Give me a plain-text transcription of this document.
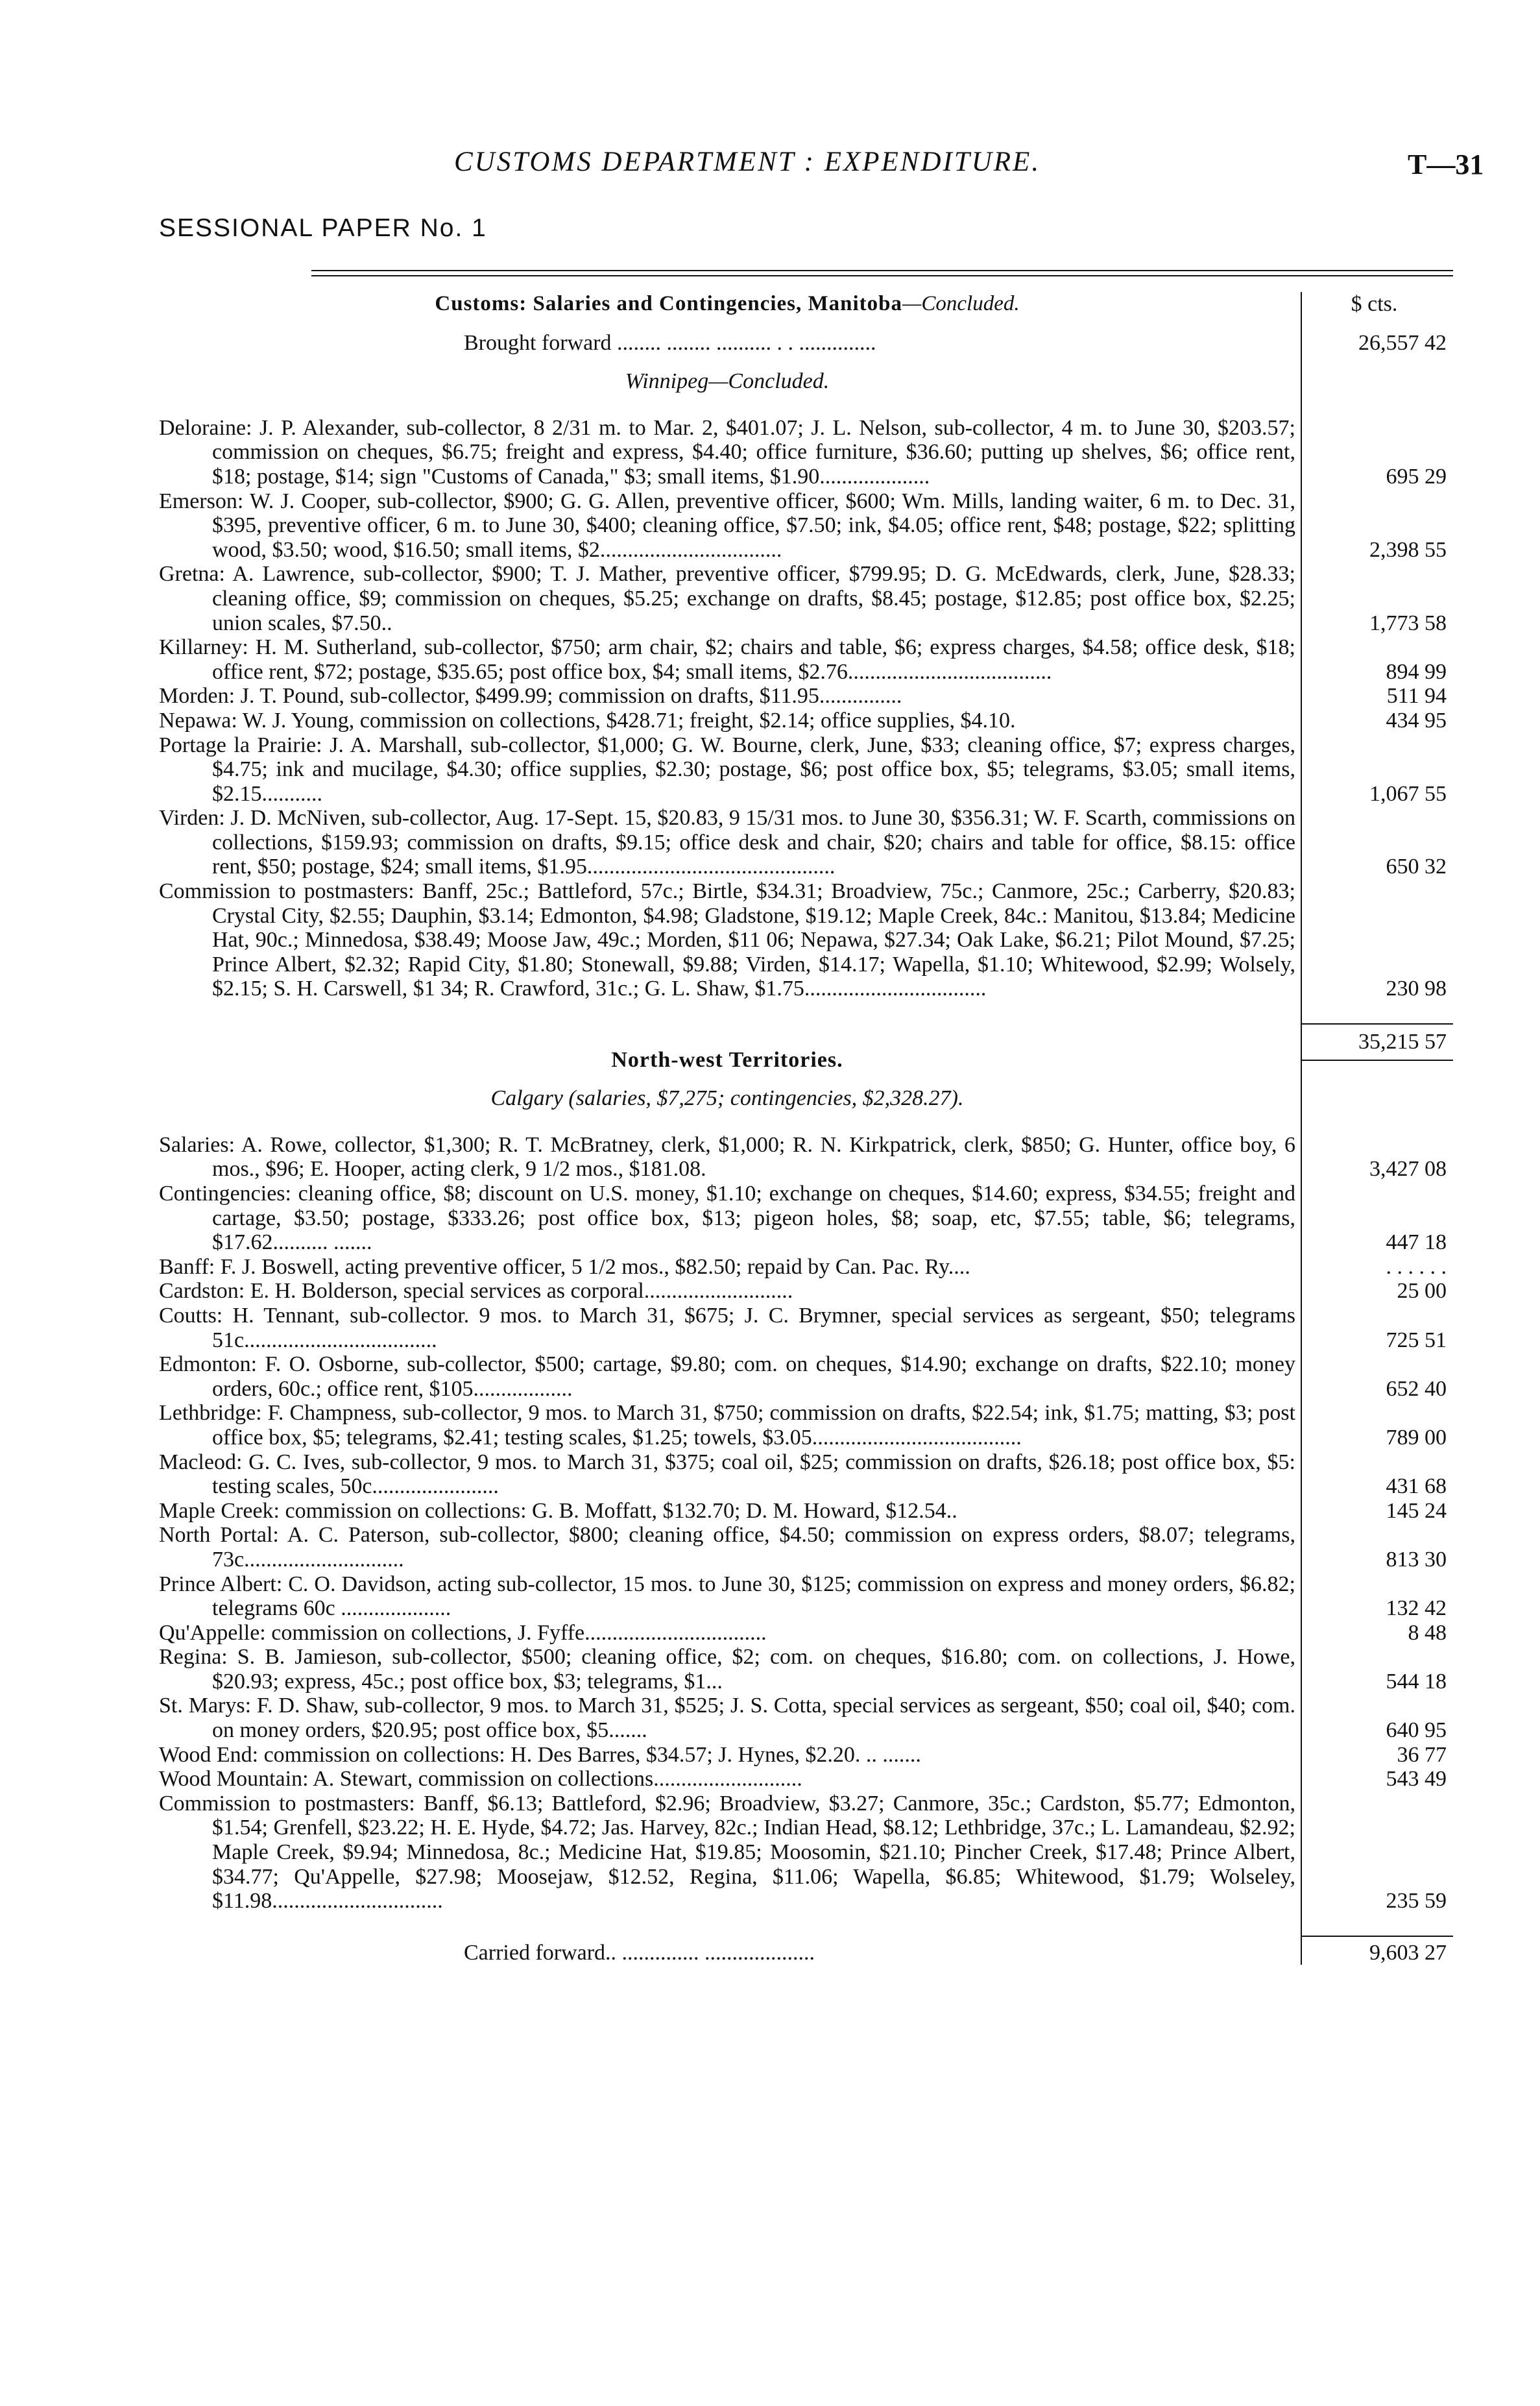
CUSTOMS DEPARTMENT : EXPENDITURE.	T—31
SESSIONAL PAPER No. 1
Customs: Salaries and Contingencies, Manitoba—Concluded.	$ cts.
Brought forward ........ ........ .......... . . ..............	26,557 42
Winnipeg—Concluded.
Deloraine: J. P. Alexander, sub-collector, 8 2/31 m. to Mar. 2, $401.07; J. L. Nelson, sub-collector, 4 m. to June 30, $203.57; commission on cheques, $6.75; freight and express, $4.40; office furniture, $36.60; putting up shelves, $6; office rent, $18; postage, $14; sign "Customs of Canada," $3; small items, $1.90....................	695 29
Emerson: W. J. Cooper, sub-collector, $900; G. G. Allen, preventive officer, $600; Wm. Mills, landing waiter, 6 m. to Dec. 31, $395, preventive officer, 6 m. to June 30, $400; cleaning office, $7.50; ink, $4.05; office rent, $48; postage, $22; splitting wood, $3.50; wood, $16.50; small items, $2.................................	2,398 55
Gretna: A. Lawrence, sub-collector, $900; T. J. Mather, preventive officer, $799.95; D. G. McEdwards, clerk, June, $28.33; cleaning office, $9; commission on cheques, $5.25; exchange on drafts, $8.45; postage, $12.85; post office box, $2.25; union scales, $7.50..	1,773 58
Killarney: H. M. Sutherland, sub-collector, $750; arm chair, $2; chairs and table, $6; express charges, $4.58; office desk, $18; office rent, $72; postage, $35.65; post office box, $4; small items, $2.76.....................................	894 99
Morden: J. T. Pound, sub-collector, $499.99; commission on drafts, $11.95...............	511 94
Nepawa: W. J. Young, commission on collections, $428.71; freight, $2.14; office supplies, $4.10.	434 95
Portage la Prairie: J. A. Marshall, sub-collector, $1,000; G. W. Bourne, clerk, June, $33; cleaning office, $7; express charges, $4.75; ink and mucilage, $4.30; office supplies, $2.30; postage, $6; post office box, $5; telegrams, $3.05; small items, $2.15...........	1,067 55
Virden: J. D. McNiven, sub-collector, Aug. 17-Sept. 15, $20.83, 9 15/31 mos. to June 30, $356.31; W. F. Scarth, commissions on collections, $159.93; commission on drafts, $9.15; office desk and chair, $20; chairs and table for office, $8.15: office rent, $50; postage, $24; small items, $1.95.............................................	650 32
Commission to postmasters: Banff, 25c.; Battleford, 57c.; Birtle, $34.31; Broadview, 75c.; Canmore, 25c.; Carberry, $20.83; Crystal City, $2.55; Dauphin, $3.14; Edmonton, $4.98; Gladstone, $19.12; Maple Creek, 84c.: Manitou, $13.84; Medicine Hat, 90c.; Minnedosa, $38.49; Moose Jaw, 49c.; Morden, $11 06; Nepawa, $27.34; Oak Lake, $6.21; Pilot Mound, $7.25; Prince Albert, $2.32; Rapid City, $1.80; Stonewall, $9.88; Virden, $14.17; Wapella, $1.10; Whitewood, $2.99; Wolsely, $2.15; S. H. Carswell, $1 34; R. Crawford, 31c.; G. L. Shaw, $1.75.................................	230 98
35,215 57
North-west Territories.
Calgary (salaries, $7,275; contingencies, $2,328.27).
Salaries: A. Rowe, collector, $1,300; R. T. McBratney, clerk, $1,000; R. N. Kirkpatrick, clerk, $850; G. Hunter, office boy, 6 mos., $96; E. Hooper, acting clerk, 9 1/2 mos., $181.08.	3,427 08
Contingencies: cleaning office, $8; discount on U.S. money, $1.10; exchange on cheques, $14.60; express, $34.55; freight and cartage, $3.50; postage, $333.26; post office box, $13; pigeon holes, $8; soap, etc, $7.55; table, $6; telegrams, $17.62.......... .......	447 18
Banff: F. J. Boswell, acting preventive officer, 5 1/2 mos., $82.50; repaid by Can. Pac. Ry....	. . . . . .
Cardston: E. H. Bolderson, special services as corporal...........................	25 00
Coutts: H. Tennant, sub-collector. 9 mos. to March 31, $675; J. C. Brymner, special services as sergeant, $50; telegrams 51c...................................	725 51
Edmonton: F. O. Osborne, sub-collector, $500; cartage, $9.80; com. on cheques, $14.90; exchange on drafts, $22.10; money orders, 60c.; office rent, $105..................	652 40
Lethbridge: F. Champness, sub-collector, 9 mos. to March 31, $750; commission on drafts, $22.54; ink, $1.75; matting, $3; post office box, $5; telegrams, $2.41; testing scales, $1.25; towels, $3.05......................................	789 00
Macleod: G. C. Ives, sub-collector, 9 mos. to March 31, $375; coal oil, $25; commission on drafts, $26.18; post office box, $5: testing scales, 50c.......................	431 68
Maple Creek: commission on collections: G. B. Moffatt, $132.70; D. M. Howard, $12.54..	145 24
North Portal: A. C. Paterson, sub-collector, $800; cleaning office, $4.50; commission on express orders, $8.07; telegrams, 73c.............................	813 30
Prince Albert: C. O. Davidson, acting sub-collector, 15 mos. to June 30, $125; commission on express and money orders, $6.82; telegrams 60c ....................	132 42
Qu'Appelle: commission on collections, J. Fyffe.................................	8 48
Regina: S. B. Jamieson, sub-collector, $500; cleaning office, $2; com. on cheques, $16.80; com. on collections, J. Howe, $20.93; express, 45c.; post office box, $3; telegrams, $1...	544 18
St. Marys: F. D. Shaw, sub-collector, 9 mos. to March 31, $525; J. S. Cotta, special services as sergeant, $50; coal oil, $40; com. on money orders, $20.95; post office box, $5.......	640 95
Wood End: commission on collections: H. Des Barres, $34.57; J. Hynes, $2.20. .. .......	36 77
Wood Mountain: A. Stewart, commission on collections...........................	543 49
Commission to postmasters: Banff, $6.13; Battleford, $2.96; Broadview, $3.27; Canmore, 35c.; Cardston, $5.77; Edmonton, $1.54; Grenfell, $23.22; H. E. Hyde, $4.72; Jas. Harvey, 82c.; Indian Head, $8.12; Lethbridge, 37c.; L. Lamandeau, $2.92; Maple Creek, $9.94; Minnedosa, 8c.; Medicine Hat, $19.85; Moosomin, $21.10; Pincher Creek, $17.48; Prince Albert, $34.77; Qu'Appelle, $27.98; Moosejaw, $12.52, Regina, $11.06; Wapella, $6.85; Whitewood, $1.79; Wolseley, $11.98...............................	235 59
Carried forward.. .............. ....................	9,603 27
